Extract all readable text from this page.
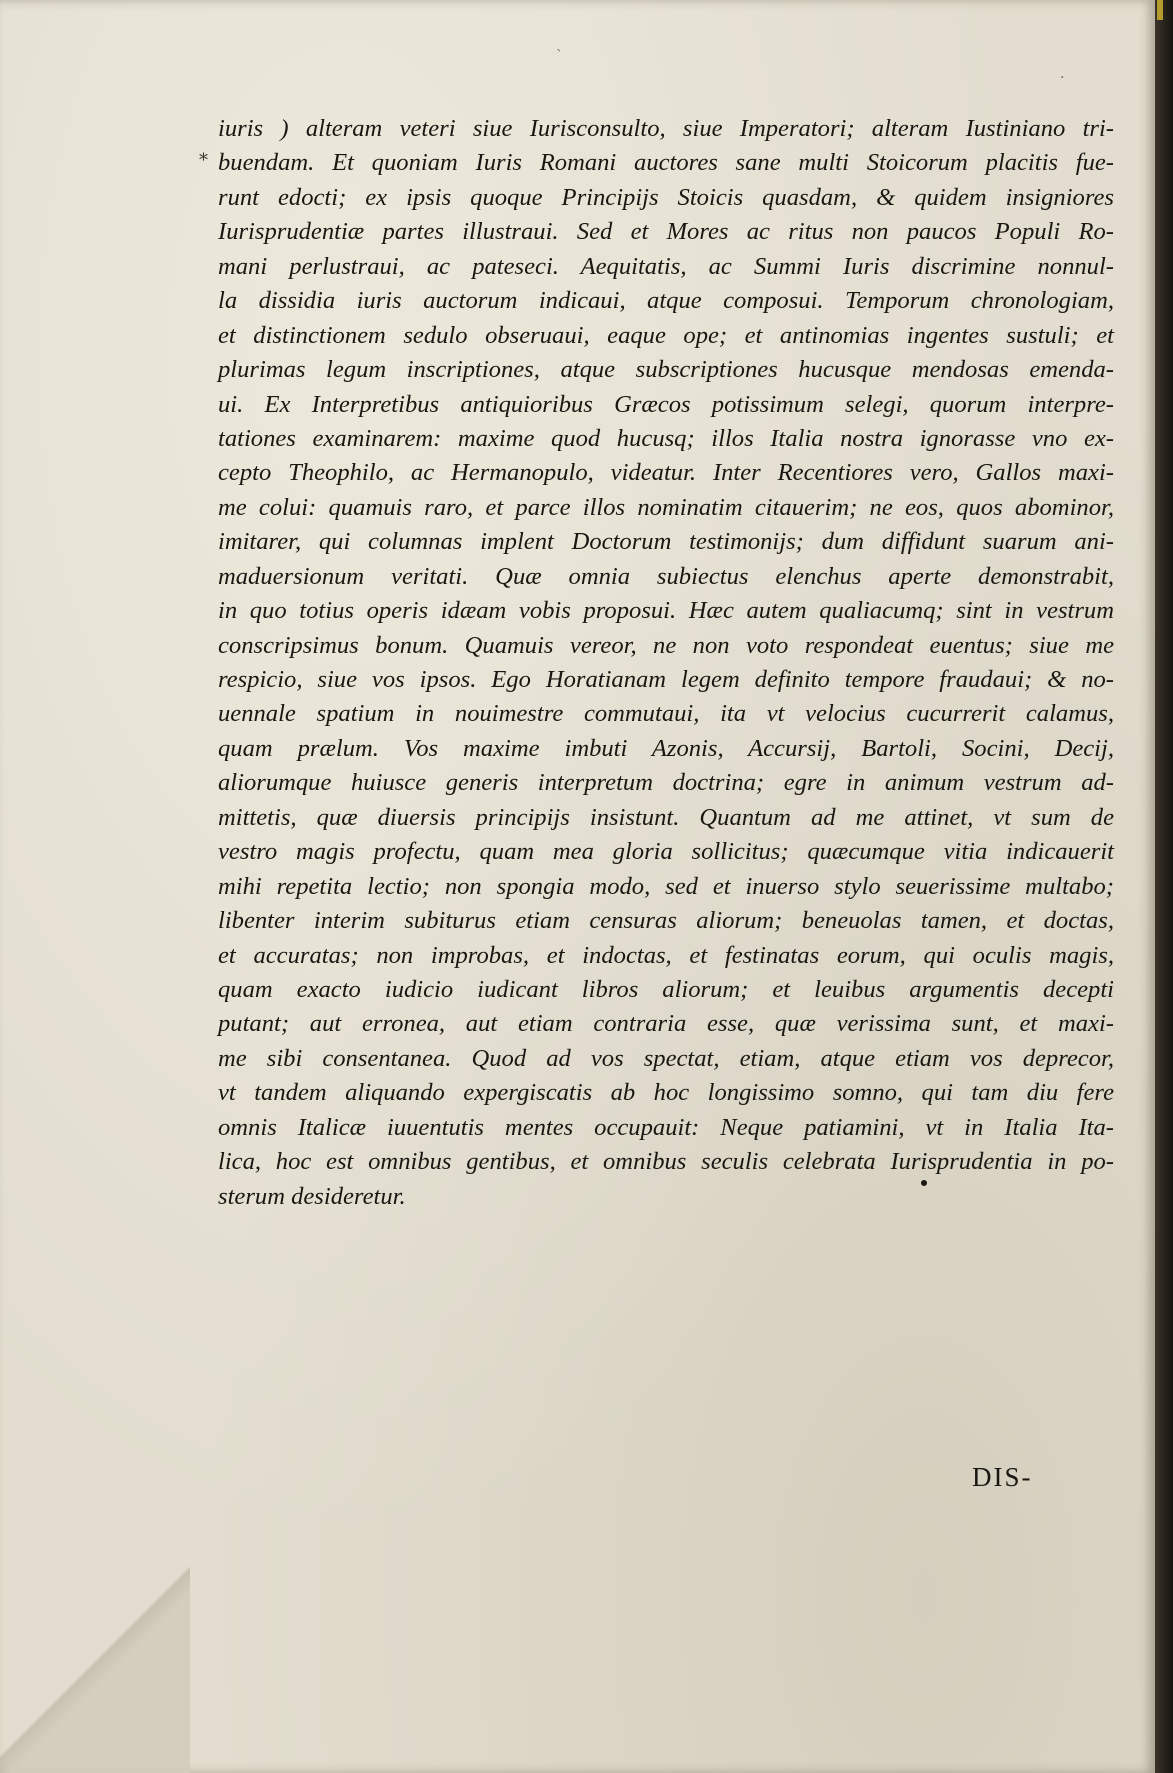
*
·
ˋ
iuris ) alteram veteri siue Iurisconsulto, siue Imperatori; alteram Iustiniano tri-
buendam. Et quoniam Iuris Romani auctores sane multi Stoicorum placitis fue-
runt edocti; ex ipsis quoque Principijs Stoicis quasdam, & quidem insigniores
Iurisprudentiæ partes illustraui. Sed et Mores ac ritus non paucos Populi Ro-
mani perlustraui, ac pateseci. Aequitatis, ac Summi Iuris discrimine nonnul-
la dissidia iuris auctorum indicaui, atque composui. Temporum chronologiam,
et distinctionem sedulo obseruaui, eaque ope; et antinomias ingentes sustuli; et
plurimas legum inscriptiones, atque subscriptiones hucusque mendosas emenda-
ui. Ex Interpretibus antiquioribus Græcos potissimum selegi, quorum interpre-
tationes examinarem: maxime quod hucusq; illos Italia nostra ignorasse vno ex-
cepto Theophilo, ac Hermanopulo, videatur. Inter Recentiores vero, Gallos maxi-
me colui: quamuis raro, et parce illos nominatim citauerim; ne eos, quos abominor,
imitarer, qui columnas implent Doctorum testimonijs; dum diffidunt suarum ani-
maduersionum veritati. Quæ omnia subiectus elenchus aperte demonstrabit,
in quo totius operis idæam vobis proposui. Hæc autem qualiacumq; sint in vestrum
conscripsimus bonum. Quamuis vereor, ne non voto respondeat euentus; siue me
respicio, siue vos ipsos. Ego Horatianam legem definito tempore fraudaui; & no-
uennale spatium in nouimestre commutaui, ita vt velocius cucurrerit calamus,
quam prælum. Vos maxime imbuti Azonis, Accursij, Bartoli, Socini, Decij,
aliorumque huiusce generis interpretum doctrina; egre in animum vestrum ad-
mittetis, quæ diuersis principijs insistunt. Quantum ad me attinet, vt sum de
vestro magis profectu, quam mea gloria sollicitus; quæcumque vitia indicauerit
mihi repetita lectio; non spongia modo, sed et inuerso stylo seuerissime multabo;
libenter interim subiturus etiam censuras aliorum; beneuolas tamen, et doctas,
et accuratas; non improbas, et indoctas, et festinatas eorum, qui oculis magis,
quam exacto iudicio iudicant libros aliorum; et leuibus argumentis decepti
putant; aut erronea, aut etiam contraria esse, quæ verissima sunt, et maxi-
me sibi consentanea. Quod ad vos spectat, etiam, atque etiam vos deprecor,
vt tandem aliquando expergiscatis ab hoc longissimo somno, qui tam diu fere
omnis Italicæ iuuentutis mentes occupauit: Neque patiamini, vt in Italia Ita-
lica, hoc est omnibus gentibus, et omnibus seculis celebrata Iurisprudentia in po-
sterum desideretur.
DIS-
